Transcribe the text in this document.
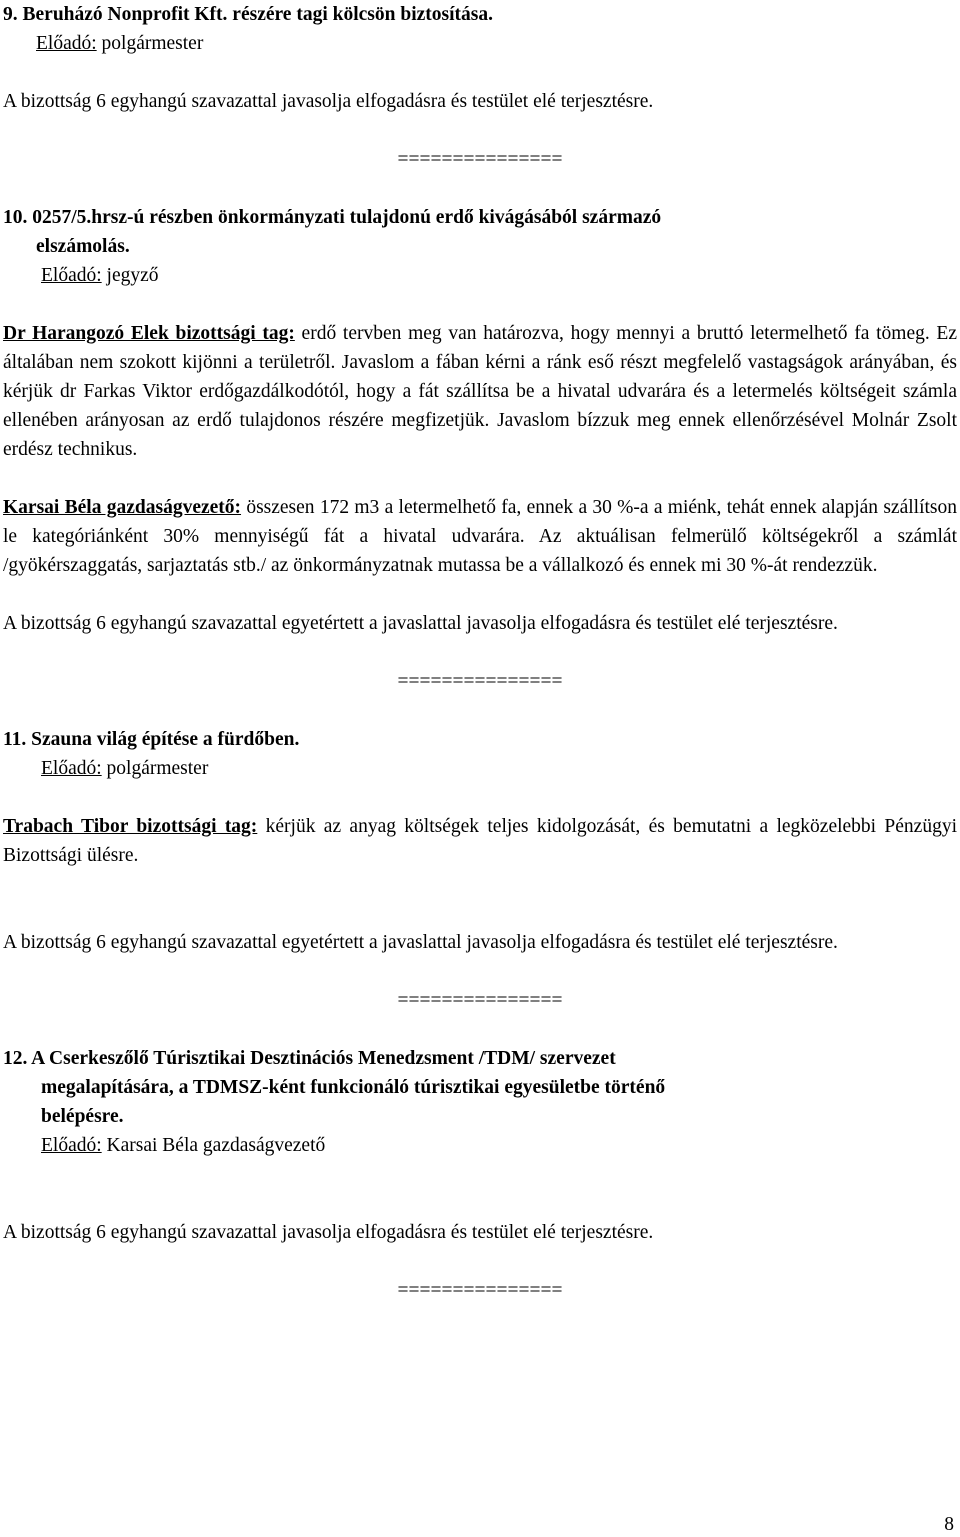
9. Beruházó Nonprofit Kft. részére tagi kölcsön biztosítása.

Előadó: polgármester

A bizottság 6 egyhangú szavazattal javasolja elfogadásra és testület elé terjesztésre.

===============

10. 0257/5.hrsz-ú részben önkormányzati tulajdonú erdő kivágásából származó

elszámolás.

Előadó: jegyző

Dr Harangozó Elek bizottsági tag: erdő tervben meg van határozva, hogy mennyi a bruttó letermelhető fa tömeg. Ez általában nem szokott kijönni a területről. Javaslom a fában kérni a ránk eső részt megfelelő vastagságok arányában, és kérjük dr Farkas Viktor erdőgazdálkodótól, hogy a fát szállítsa be a hivatal udvarára és a letermelés költségeit számla ellenében arányosan az erdő tulajdonos részére megfizetjük. Javaslom bízzuk meg ennek ellenőrzésével Molnár Zsolt erdész technikus.

Karsai Béla gazdaságvezető: összesen 172 m3 a letermelhető fa, ennek a 30 %-a a miénk, tehát ennek alapján szállítson le kategóriánként 30% mennyiségű fát a hivatal udvarára. Az aktuálisan felmerülő költségekről a számlát /gyökérszaggatás, sarjaztatás stb./ az önkormányzatnak mutassa be a vállalkozó és ennek mi 30 %-át rendezzük.

A bizottság 6 egyhangú szavazattal egyetértett a javaslattal javasolja elfogadásra és testület elé terjesztésre.

===============

11. Szauna világ építése a fürdőben.

Előadó: polgármester

Trabach Tibor bizottsági tag: kérjük az anyag költségek teljes kidolgozását, és bemutatni a legközelebbi Pénzügyi Bizottsági ülésre.

A bizottság 6 egyhangú szavazattal egyetértett a javaslattal javasolja elfogadásra és testület elé terjesztésre.

===============

12. A Cserkeszőlő Túrisztikai Desztinációs Menedzsment /TDM/ szervezet

megalapítására, a TDMSZ-ként funkcionáló túrisztikai egyesületbe történő

belépésre.

Előadó: Karsai Béla gazdaságvezető

A bizottság 6 egyhangú szavazattal javasolja elfogadásra és testület elé terjesztésre.

===============

8
